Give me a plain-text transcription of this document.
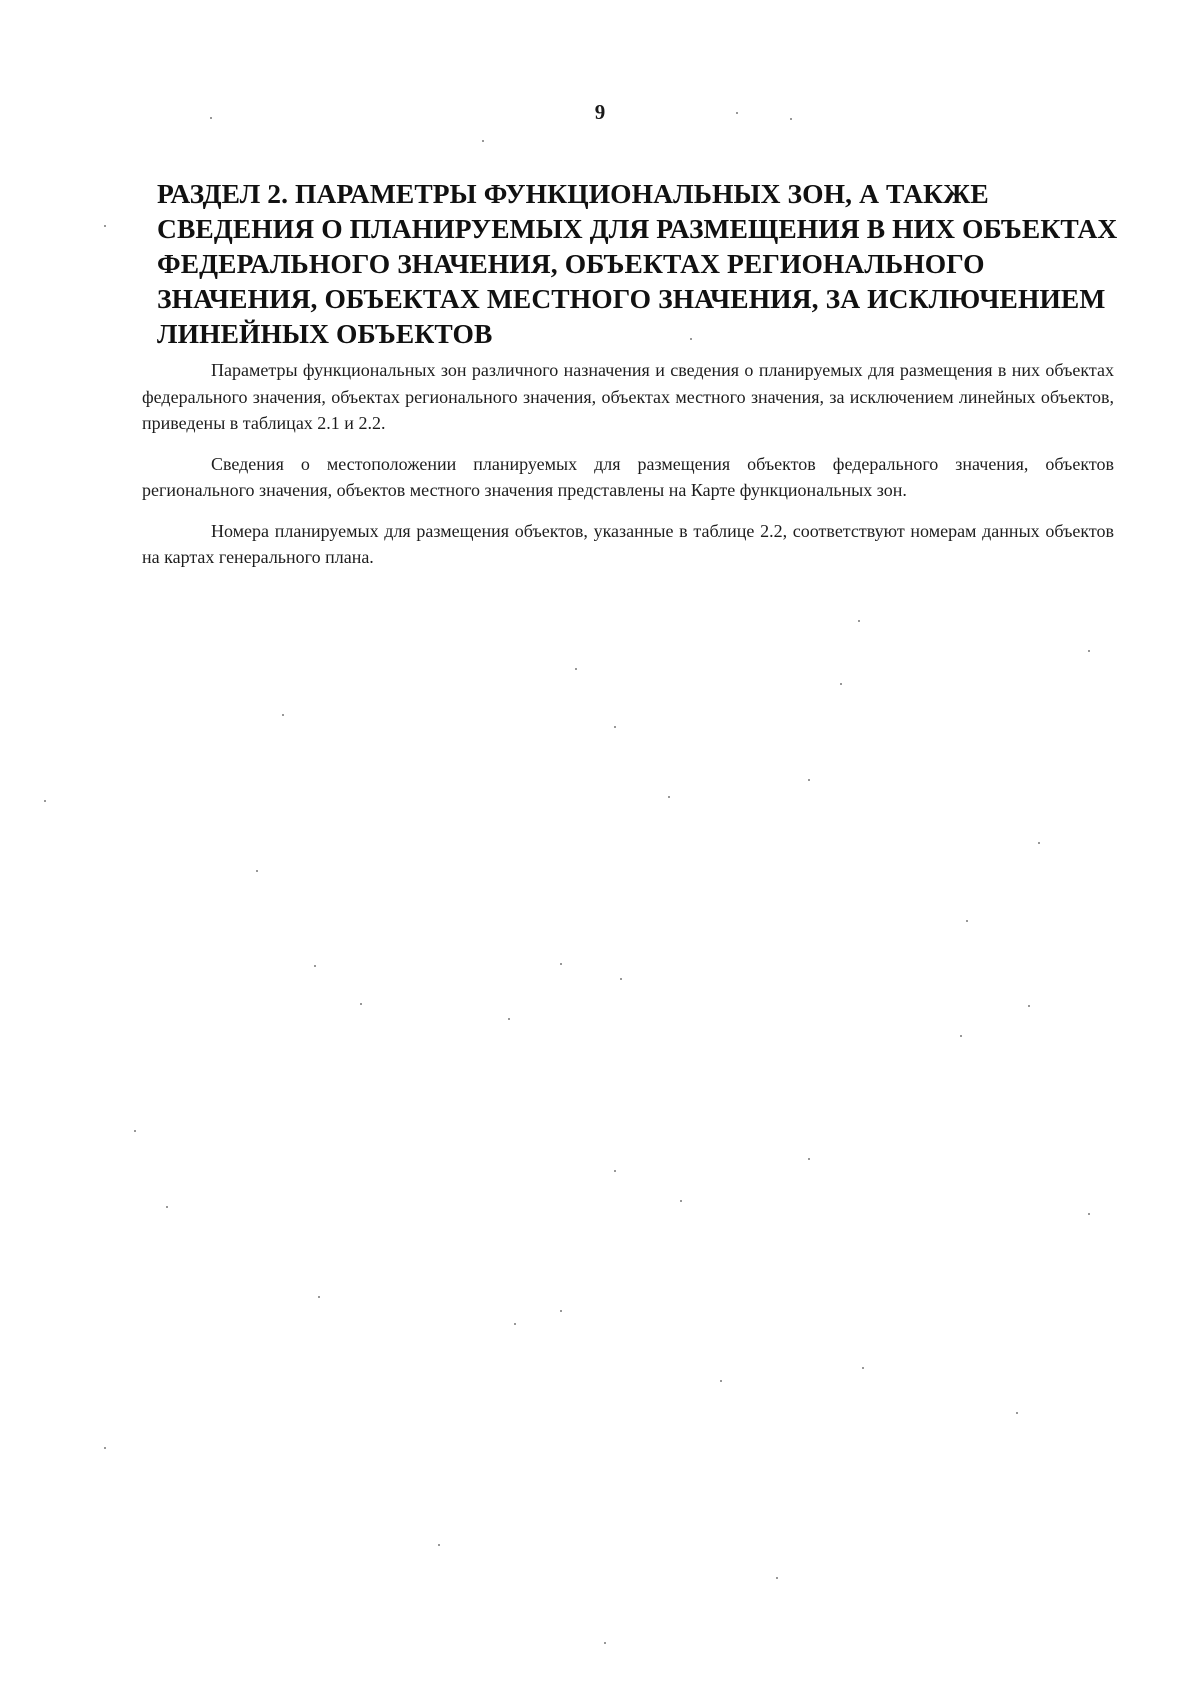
9
РАЗДЕЛ 2. ПАРАМЕТРЫ ФУНКЦИОНАЛЬНЫХ ЗОН, А ТАКЖЕ
СВЕДЕНИЯ О ПЛАНИРУЕМЫХ ДЛЯ РАЗМЕЩЕНИЯ В НИХ ОБЪЕКТАХ
ФЕДЕРАЛЬНОГО ЗНАЧЕНИЯ, ОБЪЕКТАХ РЕГИОНАЛЬНОГО
ЗНАЧЕНИЯ, ОБЪЕКТАХ МЕСТНОГО ЗНАЧЕНИЯ, ЗА ИСКЛЮЧЕНИЕМ
ЛИНЕЙНЫХ ОБЪЕКТОВ

Параметры функциональных зон различного назначения и сведения о планируемых для размещения в них объектах федерального значения, объектах регионального значения, объектах местного значения, за исключением линейных объектов, приведены в таблицах 2.1 и 2.2.

Сведения о местоположении планируемых для размещения объектов федерального значения, объектов регионального значения, объектов местного значения представлены на Карте функциональных зон.

Номера планируемых для размещения объектов, указанные в таблице 2.2, соответствуют номерам данных объектов на картах генерального плана.
